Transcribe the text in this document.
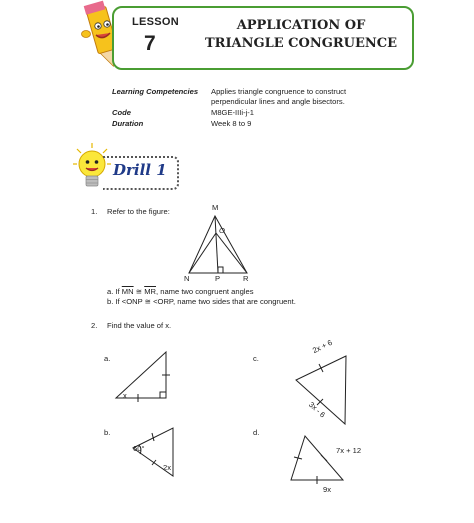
LESSON
7
APPLICATION OF
TRIANGLE CONGRUENCE
Learning Competencies Applies triangle congruence to construct
perpendicular lines and angle bisectors.
Code	M8GE-IIIi-j-1
Duration	Week 8 to 9
Drill 1
1. Refer to the figure:	M
O
N	P	R
a. If $\overline{MN}$ ≅ $\overline{MR}$, name two congruent angles
b. If <ONP ≅ <ORP, name two sides that are congruent.
2. Find the value of x.
a.
x
b.
60°
2x
c.
2x + 6
3x - 6
d.
7x + 12
9x
